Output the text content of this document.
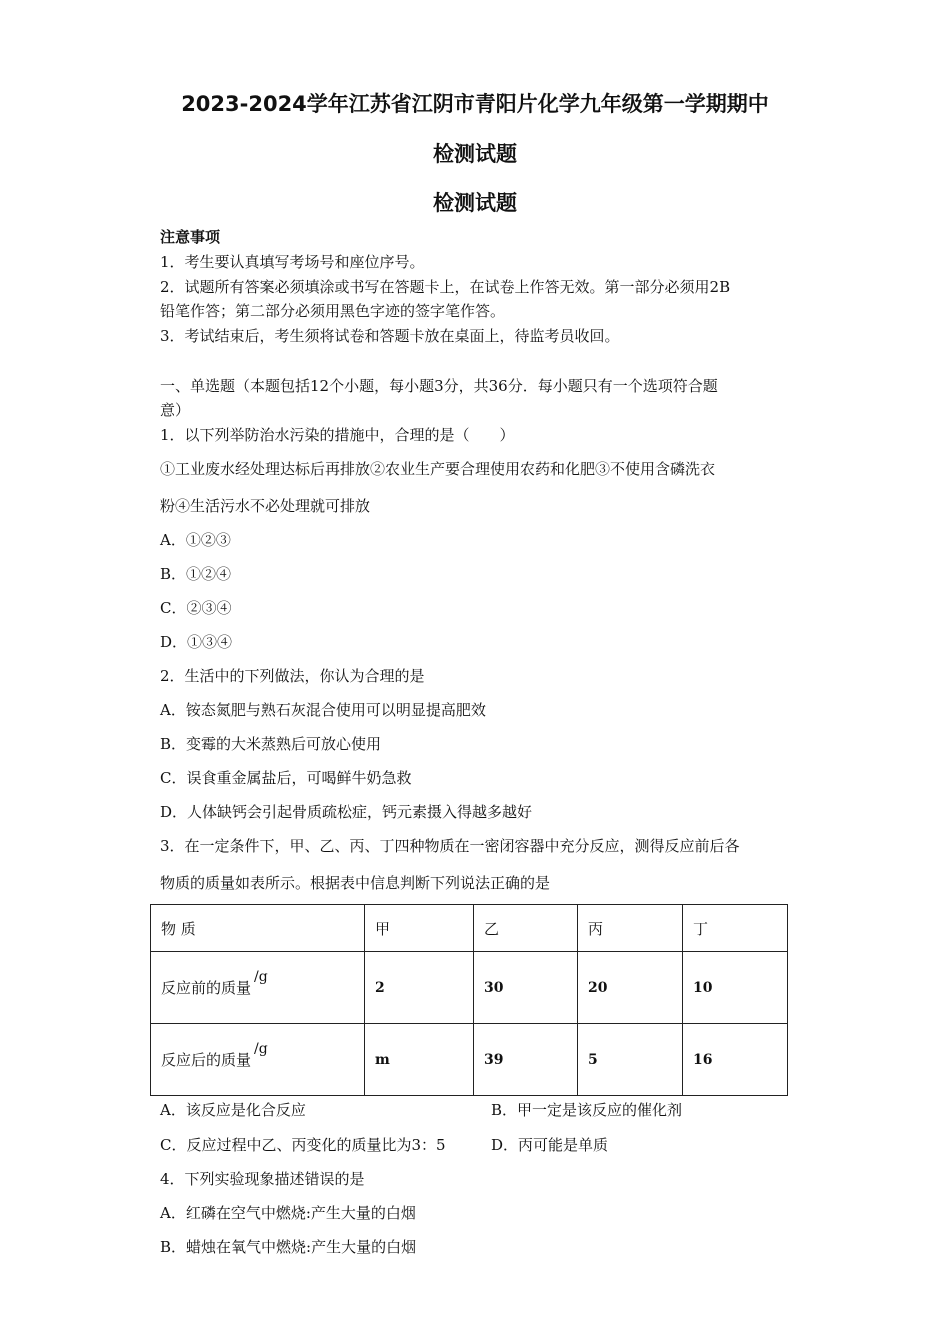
2023-2024学年江苏省江阴市青阳片化学九年级第一学期期中
检测试题
检测试题
注意事项
1．考生要认真填写考场号和座位序号。
2．试题所有答案必须填涂或书写在答题卡上，在试卷上作答无效。第一部分必须用2B
铅笔作答；第二部分必须用黑色字迹的签字笔作答。
3．考试结束后，考生须将试卷和答题卡放在桌面上，待监考员收回。
一、单选题（本题包括12个小题，每小题3分，共36分．每小题只有一个选项符合题
意）
1．以下列举防治水污染的措施中，合理的是（　　）
①工业废水经处理达标后再排放②农业生产要合理使用农药和化肥③不使用含磷洗衣
粉④生活污水不必处理就可排放
A．①②③
B．①②④
C．②③④
D．①③④
2．生活中的下列做法，你认为合理的是
A．铵态氮肥与熟石灰混合使用可以明显提高肥效
B．变霉的大米蒸熟后可放心使用
C．误食重金属盐后，可喝鲜牛奶急救
D．人体缺钙会引起骨质疏松症，钙元素摄入得越多越好
3．在一定条件下，甲、乙、丙、丁四种物质在一密闭容器中充分反应，测得反应前后各
物质的质量如表所示。根据表中信息判断下列说法正确的是
物 质	甲	乙	丙	丁
反应前的质量/g	2	30	20	10
反应后的质量/g	m	39	5	16
A．该反应是化合反应	B．甲一定是该反应的催化剂
C．反应过程中乙、丙变化的质量比为3：5	D．丙可能是单质
4．下列实验现象描述错误的是
A．红磷在空气中燃烧:产生大量的白烟
B．蜡烛在氧气中燃烧:产生大量的白烟
